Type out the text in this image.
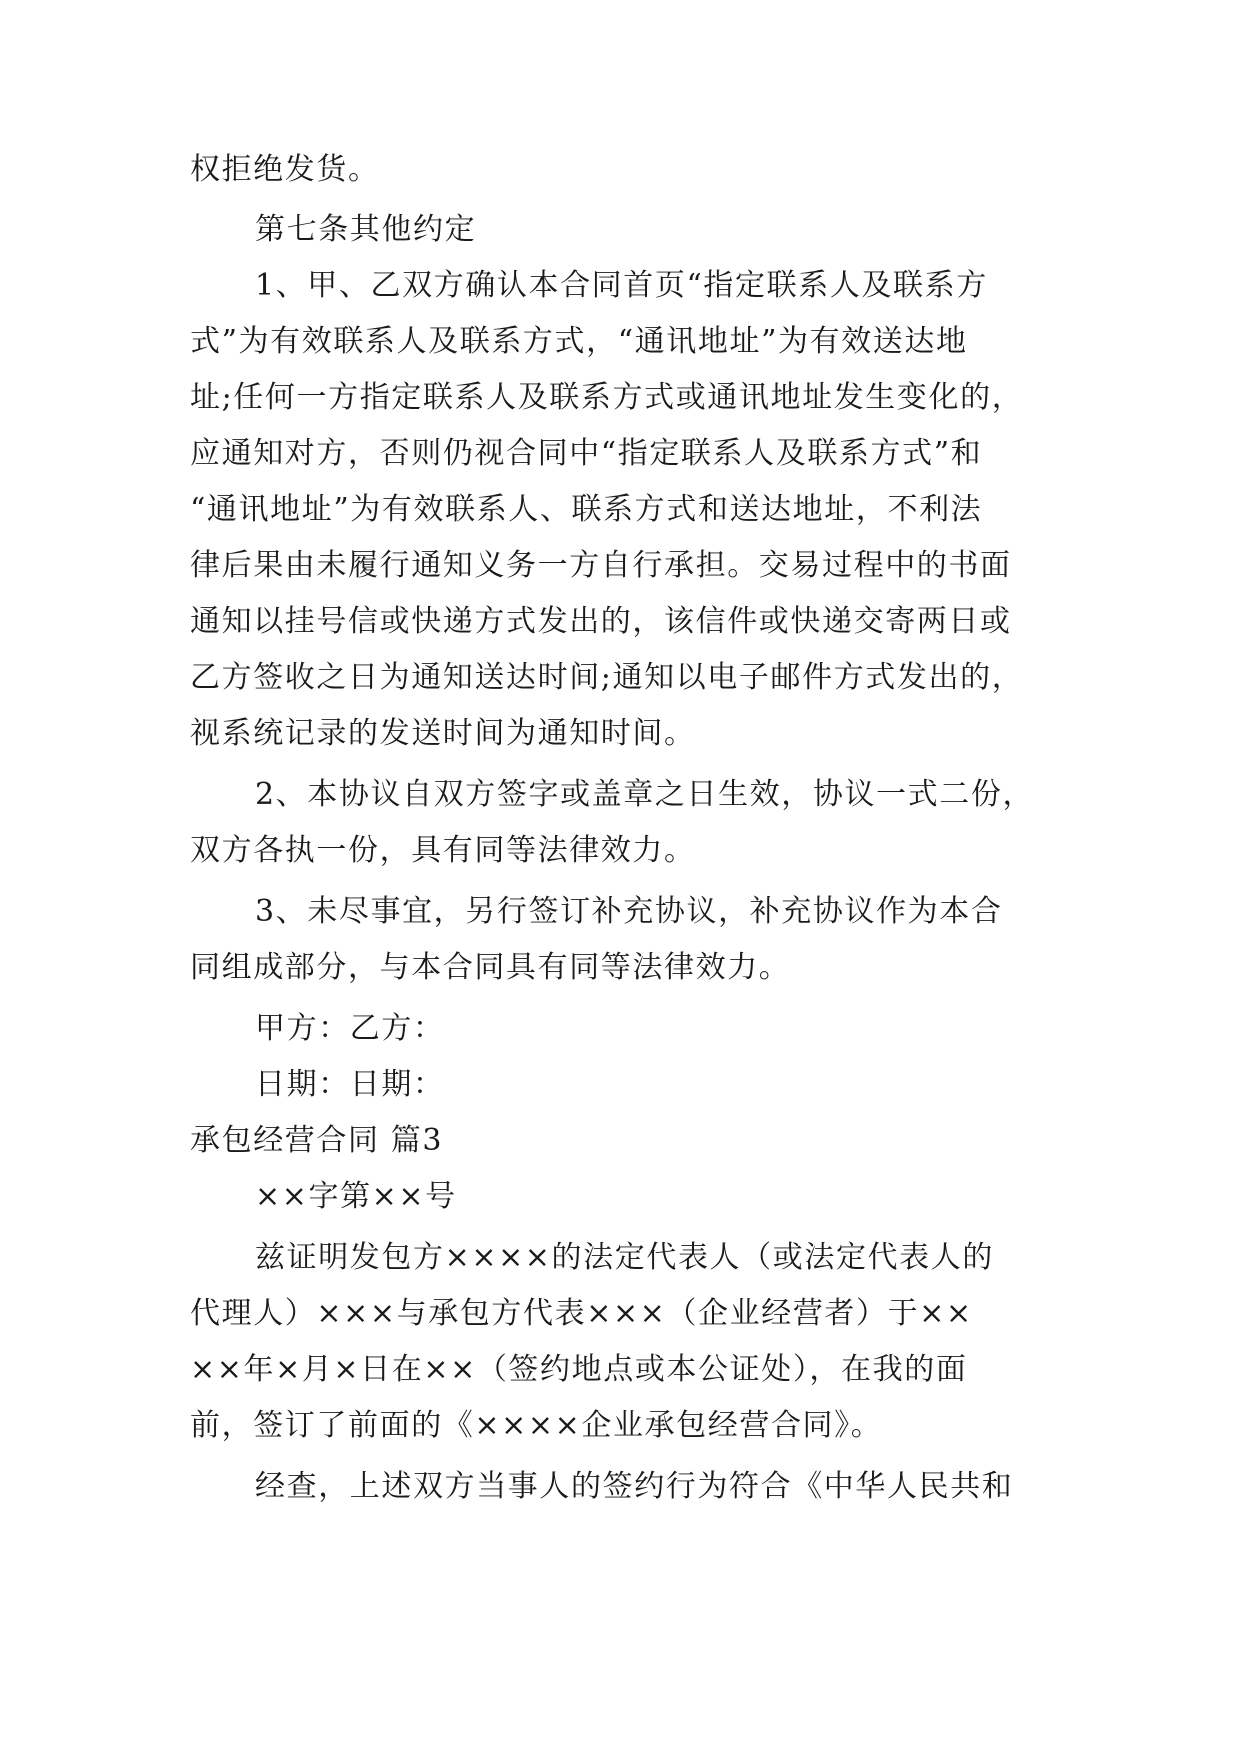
权拒绝发货。
第七条其他约定
1、甲、乙双方确认本合同首页“指定联系人及联系方
式”为有效联系人及联系方式，“通讯地址”为有效送达地
址;任何一方指定联系人及联系方式或通讯地址发生变化的，
应通知对方，否则仍视合同中“指定联系人及联系方式”和
“通讯地址”为有效联系人、联系方式和送达地址，不利法
律后果由未履行通知义务一方自行承担。交易过程中的书面
通知以挂号信或快递方式发出的，该信件或快递交寄两日或
乙方签收之日为通知送达时间;通知以电子邮件方式发出的，
视系统记录的发送时间为通知时间。
2、本协议自双方签字或盖章之日生效，协议一式二份，
双方各执一份，具有同等法律效力。
3、未尽事宜，另行签订补充协议，补充协议作为本合
同组成部分，与本合同具有同等法律效力。
甲方：乙方：
日期：日期：
承包经营合同 篇3
××字第××号
兹证明发包方××××的法定代表人（或法定代表人的
代理人）×××与承包方代表×××（企业经营者）于××
××年×月×日在××（签约地点或本公证处），在我的面
前，签订了前面的《××××企业承包经营合同》。
经查，上述双方当事人的签约行为符合《中华人民共和
